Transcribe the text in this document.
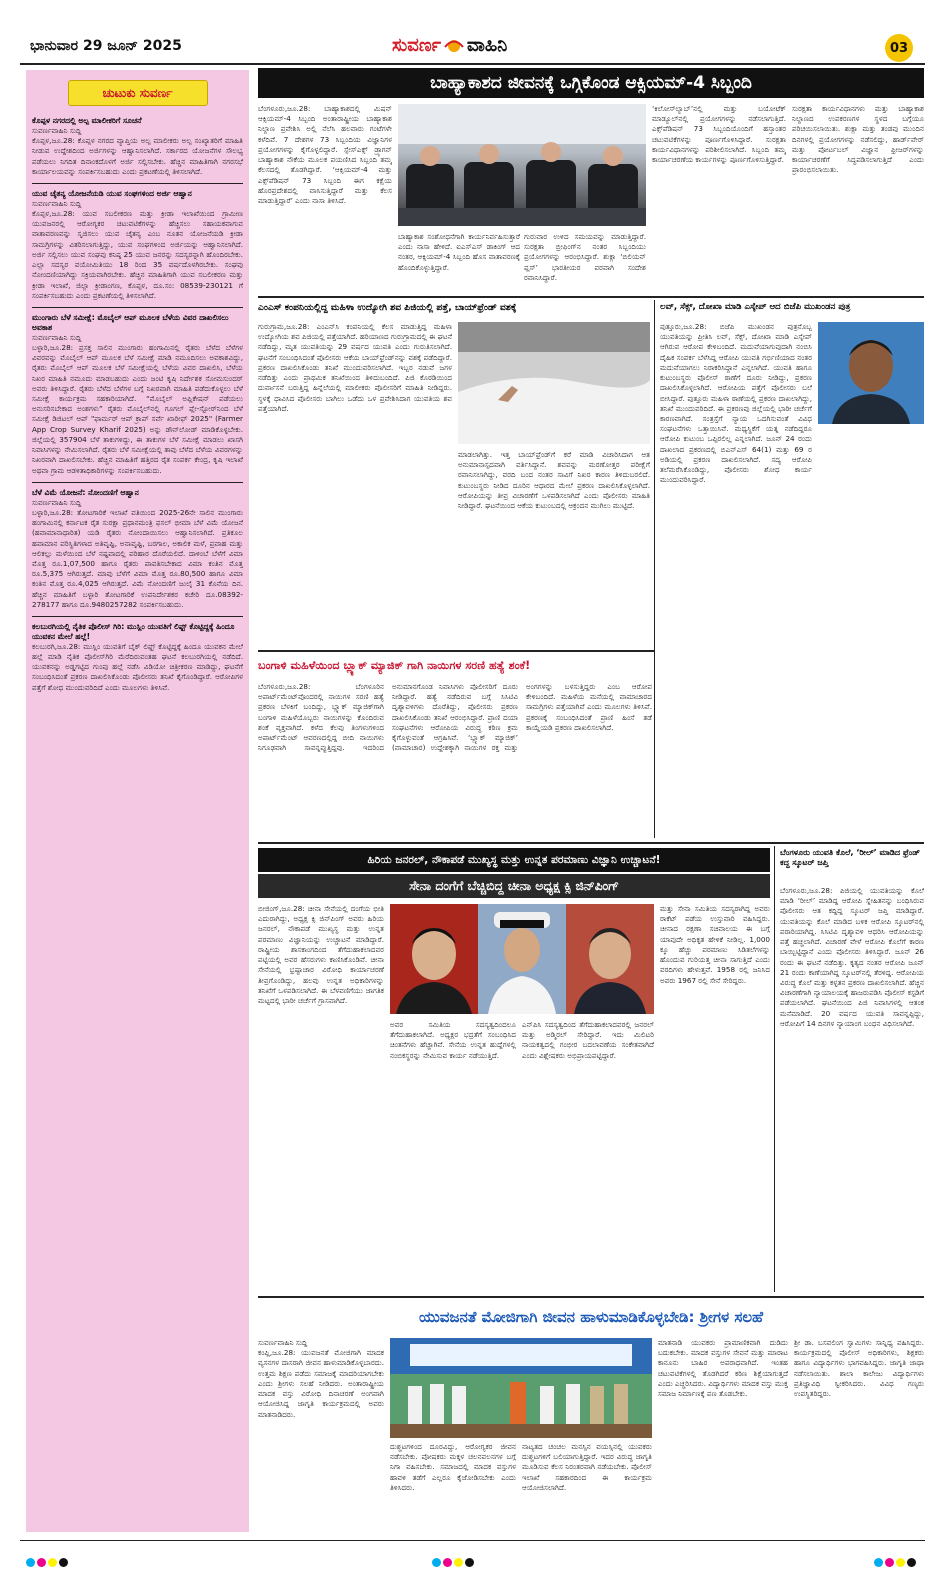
ಭಾನುವಾರ 29 ಜೂನ್ 2025	ಸುವರ್ಣ ವಾಹಿನಿ	03
ಚುಟುಕು ಸುವರ್ಣ
ಕೊಪ್ಪಳ ನಗರದಲ್ಲಿ ಅಲ್ಪ ಮಾಲೀಕರಿಗೆ ಸೂಚನೆ
ಸುವರ್ಣವಾಹಿನಿ ಸುದ್ದಿ
ಕೊಪ್ಪಳ,ಜೂ.28: ಕೊಪ್ಪಳ ನಗರದ ವ್ಯಾಪ್ತಿಯ ಅಲ್ಪ ಮಾಲೀಕರು ಅಲ್ಪ ಸಂಖ್ಯಾತರಿಗೆ ಮಾಹಿತಿ ನೀಡುವ ಉದ್ದೇಶದಿಂದ ಅರ್ಜಿಗಳನ್ನು ಆಹ್ವಾನಿಸಲಾಗಿದೆ. ಸರ್ಕಾರದ ಯೋಜನೆಗಳ ಸೌಲಭ್ಯ ಪಡೆಯಲು ನಿಗದಿತ ದಿನಾಂಕದೊಳಗೆ ಅರ್ಜಿ ಸಲ್ಲಿಸಬೇಕು. ಹೆಚ್ಚಿನ ಮಾಹಿತಿಗಾಗಿ ನಗರಸಭೆ ಕಾರ್ಯಾಲಯವನ್ನು ಸಂಪರ್ಕಿಸಬಹುದು ಎಂದು ಪ್ರಕಟಣೆಯಲ್ಲಿ ತಿಳಿಸಲಾಗಿದೆ.
ಯುವ ಚೈತನ್ಯ ಯೋಜನೆಯಡಿ ಯುವ ಸಂಘಗಳಿಂದ ಅರ್ಜಿ ಆಹ್ವಾನ
ಸುವರ್ಣವಾಹಿನಿ ಸುದ್ದಿ
ಕೊಪ್ಪಳ,ಜೂ.28: ಯುವ ಸಬಲೀಕರಣ ಮತ್ತು ಕ್ರೀಡಾ ಇಲಾಖೆಯಿಂದ ಗ್ರಾಮೀಣ ಯುವಜನರಲ್ಲಿ ಆರೋಗ್ಯಕರ ಚಟುವಟಿಕೆಗಳನ್ನು ಹೆಚ್ಚಿಸಲು ಸಹಾಯಕವಾಗುವ ವಾತಾವರಣವನ್ನು ಸೃಜಿಸಲು ಯುವ ಚೈತನ್ಯ ಎಂಬ ನೂತನ ಯೋಜನೆಯಡಿ ಕ್ರೀಡಾ ಸಾಮಗ್ರಿಗಳನ್ನು ವಿತರಿಸಲಾಗುತ್ತಿದ್ದು, ಯುವ ಸಂಘಗಳಿಂದ ಅರ್ಜಿಯನ್ನು ಆಹ್ವಾನಿಸಲಾಗಿದೆ. ಅರ್ಜಿ ಸಲ್ಲಿಸಲು ಯುವ ಸಂಘವು ಕನಿಷ್ಠ 25 ಯುವ ಜನರನ್ನು ಸದಸ್ಯರನ್ನಾಗಿ ಹೊಂದಿರಬೇಕು. ಎಲ್ಲಾ ಸದಸ್ಯರ ವಯೋಮಿತಿಯು 18 ರಿಂದ 35 ವರ್ಷದೊಳಗಿರಬೇಕು. ಸಂಘವು ನೋಂದಣಿಯಾಗಿದ್ದು ಸಕ್ರಿಯವಾಗಿರಬೇಕು. ಹೆಚ್ಚಿನ ಮಾಹಿತಿಗಾಗಿ ಯುವ ಸಬಲೀಕರಣ ಮತ್ತು ಕ್ರೀಡಾ ಇಲಾಖೆ, ಜಿಲ್ಲಾ ಕ್ರೀಡಾಂಗಣ, ಕೊಪ್ಪಳ, ದೂ.ಸಂ: 08539-230121 ಗೆ ಸಂಪರ್ಕಿಸಬಹುದು ಎಂದು ಪ್ರಕಟಣೆಯಲ್ಲಿ ತಿಳಿಸಲಾಗಿದೆ.
ಮುಂಗಾರು ಬೆಳೆ ಸಮೀಕ್ಷೆ: ಮೊಬೈಲ್ ಆಪ್ ಮೂಲಕ ಬೆಳೆಯ ವಿವರ ದಾಖಲಿಸಲು ಅವಕಾಶ
ಸುವರ್ಣವಾಹಿನಿ ಸುದ್ದಿ
ಬಳ್ಳಾರಿ,ಜೂ.28: ಪ್ರಸಕ್ತ ಸಾಲಿನ ಮುಂಗಾರು ಹಂಗಾಮಿನಲ್ಲಿ ರೈತರು ಬೆಳೆದ ಬೆಳೆಗಳ ವಿವರವನ್ನು ಮೊಬೈಲ್ ಆಪ್ ಮೂಲಕ ಬೆಳೆ ಸಮೀಕ್ಷೆ ಮಾಡಿ ನಮೂದಿಸಲು ಅವಕಾಶವಿದ್ದು, ರೈತರು ಮೊಬೈಲ್ ಆಪ್ ಮೂಲಕ ಬೆಳೆ ಸಮೀಕ್ಷೆಯಲ್ಲಿ ಬೆಳೆಯ ವಿವರ ದಾಖಲಿಸಿ, ಬೆಳೆಯ ನಿಖರ ಮಾಹಿತಿ ನಮೂದು ಮಾಡಬಹುದು ಎಂದು ಜಂಟಿ ಕೃಷಿ ನಿರ್ದೇಶಕ ಸೋಮಸುಂದರ್ ಅವರು ತಿಳಿಸಿದ್ದಾರೆ. ರೈತರು ಬೆಳೆದ ಬೆಳೆಗಳ ಬಗ್ಗೆ ನಿಖರವಾಗಿ ಮಾಹಿತಿ ಪಡೆದುಕೊಳ್ಳಲು ಬೆಳೆ ಸಮೀಕ್ಷೆ ಕಾರ್ಯಕ್ರಮ ಸಹಕಾರಿಯಾಗಿದೆ. “ಮೊಬೈಲ್ ಅಪ್ಲಿಕೇಷನ್ ಪಡೆಯಲು ಅನುಸರಿಸಬೇಕಾದ ಅಂಶಗಳು” ರೈತರು ಮೊಬೈಲ್‌ನಲ್ಲಿ ಗೂಗಲ್ ಪ್ಲೇ-ಸ್ಟೋರ್‌ನಿಂದ ಬೆಳೆ ಸಮೀಕ್ಷೆ ಡಿಜಿಟಲ್ ಆಪ್ "ಫಾರ್ಮರ್ ಆಪ್ ಕ್ರಾಪ್ ಸರ್ವೆ ಖಾರೀಫ್ 2025" (Farmer App Crop Survey Kharif 2025) ಅನ್ನು ಡೌನ್‌ಲೋಡ್ ಮಾಡಿಕೊಳ್ಳಬೇಕು. ಜಿಲ್ಲೆಯಲ್ಲಿ 357904 ಬೆಳೆ ತಾಕುಗಳಿದ್ದು, ಈ ತಾಕುಗಳ ಬೆಳೆ ಸಮೀಕ್ಷೆ ಮಾಡಲು ಖಾಸಗಿ ನಿವಾಸಿಗಳನ್ನು ನೇಮಿಸಲಾಗಿದೆ. ರೈತರು ಬೆಳೆ ಸಮೀಕ್ಷೆಯಲ್ಲಿ ತಾವು ಬೆಳೆದ ಬೆಳೆಯ ವಿವರಗಳನ್ನು ನಿಖರವಾಗಿ ದಾಖಲಿಸಬೇಕು. ಹೆಚ್ಚಿನ ಮಾಹಿತಿಗೆ ಹತ್ತಿರದ ರೈತ ಸಂಪರ್ಕ ಕೇಂದ್ರ, ಕೃಷಿ ಇಲಾಖೆ ಅಥವಾ ಗ್ರಾಮ ಆಡಳಿತಾಧಿಕಾರಿಗಳನ್ನು ಸಂಪರ್ಕಿಸಬಹುದು.
ಬೆಳೆ ವಿಮೆ ಯೋಜನೆ: ನೋಂದಣಿಗೆ ಆಹ್ವಾನ
ಸುವರ್ಣವಾಹಿನಿ ಸುದ್ದಿ
ಬಳ್ಳಾರಿ,ಜೂ.28: ತೋಟಗಾರಿಕೆ ಇಲಾಖೆ ವತಿಯಿಂದ 2025-26ನೇ ಸಾಲಿನ ಮುಂಗಾರು ಹಂಗಾಮಿನಲ್ಲಿ ಕರ್ನಾಟಕ ರೈತ ಸುರಕ್ಷಾ ಪ್ರಧಾನಮಂತ್ರಿ ಫಸಲ್ ಭೀಮಾ ಬೆಳೆ ವಿಮೆ ಯೋಜನೆ (ಹವಾಮಾನಾಧಾರಿತ) ಯಡಿ ರೈತರು ನೋಂದಾಯಿಸಲು ಆಹ್ವಾನಿಸಲಾಗಿದೆ. ಪ್ರತಿಕೂಲ ಹವಾಮಾನ ಪರಿಸ್ಥಿತಿಗಳಾದ ಅತಿವೃಷ್ಟಿ, ಅನಾವೃಷ್ಟಿ, ಬರಗಾಲ, ಅಕಾಲಿಕ ಮಳೆ, ಪ್ರವಾಹ ಮತ್ತು ಆಲಿಕಲ್ಲು ಮಳೆಯಿಂದ ಬೆಳೆ ನಷ್ಟವಾದಲ್ಲಿ ಪರಿಹಾರ ದೊರೆಯಲಿದೆ. ದಾಳಿಂಬೆ ಬೆಳೆಗೆ ವಿಮಾ ಮೊತ್ತ ರೂ.1,07,500 ಹಾಗೂ ರೈತರು ಪಾವತಿಸಬೇಕಾದ ವಿಮಾ ಕಂತಿನ ಮೊತ್ತ ರೂ.5,375 ಆಗಿರುತ್ತದೆ. ಮಾವು ಬೆಳೆಗೆ ವಿಮಾ ಮೊತ್ತ ರೂ.80,500 ಹಾಗೂ ವಿಮಾ ಕಂತಿನ ಮೊತ್ತ ರೂ.4,025 ಆಗಿರುತ್ತದೆ. ವಿಮೆ ನೋಂದಣಿಗೆ ಜುಲೈ 31 ಕೊನೆಯ ದಿನ. ಹೆಚ್ಚಿನ ಮಾಹಿತಿಗೆ ಬಳ್ಳಾರಿ ತೋಟಗಾರಿಕೆ ಉಪನಿರ್ದೇಶಕರ ಕಚೇರಿ ದೂ.08392-278177 ಹಾಗೂ ದೂ.9480257282 ಸಂಪರ್ಕಿಸಬಹುದು.
ಕಲಬುರಗಿಯಲ್ಲಿ ನೈತಿಕ ಪೊಲೀಸ್ ಗಿರಿ: ಮುಸ್ಲಿಂ ಯುವತಿಗೆ ಲಿಫ್ಟ್ ಕೊಟ್ಟಿದ್ದಕ್ಕೆ ಹಿಂದೂ ಯುವಕನ ಮೇಲೆ ಹಲ್ಲೆ!
ಕಲಬುರಗಿ,ಜೂ.28: ಮುಸ್ಲಿಂ ಯುವತಿಗೆ ಬೈಕ್ ಲಿಫ್ಟ್ ಕೊಟ್ಟಿದ್ದಕ್ಕೆ ಹಿಂದೂ ಯುವಕನ ಮೇಲೆ ಹಲ್ಲೆ ಮಾಡಿ ನೈತಿಕ ಪೊಲೀಸ್‌ಗಿರಿ ಮೆರೆದಿರುವಂತಹ ಘಟನೆ ಕಲಬುರಗಿಯಲ್ಲಿ ನಡೆದಿದೆ. ಯುವಕನನ್ನು ಅಡ್ಡಗಟ್ಟಿದ ಗುಂಪು ಹಲ್ಲೆ ನಡೆಸಿ ವಿಡಿಯೋ ಚಿತ್ರೀಕರಣ ಮಾಡಿದ್ದು, ಘಟನೆಗೆ ಸಂಬಂಧಿಸಿದಂತೆ ಪ್ರಕರಣ ದಾಖಲಿಸಿಕೊಂಡು ಪೊಲೀಸರು ತನಿಖೆ ಕೈಗೊಂಡಿದ್ದಾರೆ. ಆರೋಪಿಗಳ ಪತ್ತೆಗೆ ಶೋಧ ಮುಂದುವರಿದಿದೆ ಎಂದು ಮೂಲಗಳು ತಿಳಿಸಿವೆ.
ಬಾಹ್ಯಾಕಾಶದ ಜೀವನಕ್ಕೆ ಒಗ್ಗಿಕೊಂಡ ಆಕ್ಸಿಯಮ್-4 ಸಿಬ್ಬಂದಿ
ಬೆಂಗಳೂರು,ಜೂ.28: ಬಾಹ್ಯಾಕಾಶದಲ್ಲಿ ಮಿಷನ್ ಆಕ್ಸಿಯಮ್-4 ಸಿಬ್ಬಂದಿ ಅಂತಾರಾಷ್ಟ್ರೀಯ ಬಾಹ್ಯಾಕಾಶ ನಿಲ್ದಾಣ ಪ್ರವೇಶಿಸಿ ಅಲ್ಲಿ ನೆಲೆಸಿ ಹಲವಾರು ಗಂಟೆಗಳೇ ಕಳೆದಿವೆ. 7 ದೇಶಗಳ 73 ಸಿಬ್ಬಂದಿಯ ವಿಜ್ಞಾನಿಗಳ ಪ್ರಯೋಗಗಳನ್ನು ಕೈಗೊಳ್ಳಲಿದ್ದಾರೆ. ಸ್ಪೇಸ್‌ಎಕ್ಸ್ ಡ್ರ್ಯಾಗನ್ ಬಾಹ್ಯಾಕಾಶ ನೌಕೆಯ ಮೂಲಕ ಪಯಣಿಸಿದ ಸಿಬ್ಬಂದಿ ತಮ್ಮ ಕೆಲಸದಲ್ಲಿ ತೊಡಗಿದ್ದಾರೆ. ‘ಆಕ್ಸಿಯಮ್-4 ಮತ್ತು ಎಕ್ಸ್‌ಪೆಡಿಷನ್ 73 ಸಿಬ್ಬಂದಿ ಈಗ ಕಕ್ಷೆಯ ಹೊರಪ್ರದೇಶದಲ್ಲಿ ವಾಸಿಸುತ್ತಿದ್ದಾರೆ ಮತ್ತು ಕೆಲಸ ಮಾಡುತ್ತಿದ್ದಾರೆ’ ಎಂದು ನಾಸಾ ತಿಳಿಸಿದೆ.
ಬಾಹ್ಯಾಕಾಶ ಸಂಶೋಧನೆಗಾಗಿ ಕಾರ್ಯನಿರ್ವಹಿಸುತ್ತಾರೆ ಎಂದು ನಾಸಾ ಹೇಳಿದೆ. ಐಎಸ್‌ಎಸ್ ಡಾಕಿಂಗ್ ಆದ ನಂತರ, ಆಕ್ಸಿಯಮ್-4 ಸಿಬ್ಬಂದಿ ಹೊಸ ವಾತಾವರಣಕ್ಕೆ ಹೊಂದಿಕೊಳ್ಳುತ್ತಿದ್ದಾರೆ.
ಗುರುವಾರ ಉಳಿದ ಸಮಯವನ್ನು ಮಾಡುತ್ತಿದ್ದಾರೆ. ಸುರಕ್ಷತಾ ಬ್ರೀಫಿಂಗ್‌ನ ನಂತರ ಸಿಬ್ಬಂದಿಯು ಪ್ರಯೋಗಗಳನ್ನು ಆರಂಭಿಸಿದ್ದಾರೆ. ಶುಕ್ಲಾ ‘ಬಿಲಿಯನ್ ಪ್ಲಸ್’ ಭಾರತೀಯರ ಪರವಾಗಿ ಸಂದೇಶ ರವಾನಿಸಿದ್ದಾರೆ.
‘ಕಿಲೋಸ್‌ಲ್ಯಾಬ್’ನಲ್ಲಿ ಮತ್ತು ಬಯೋಟೆಕ್ ಮಾಡ್ಯೂಲ್‌ನಲ್ಲಿ ಪ್ರಯೋಗಗಳನ್ನು ನಡೆಸಲಾಗುತ್ತಿದೆ. ಎಕ್ಸ್‌ಪೆಡಿಷನ್ 73 ಸಿಬ್ಬಂದಿಯೊಂದಿಗೆ ಹಸ್ತಾಂತರ ಚಟುವಟಿಕೆಗಳನ್ನು ಪೂರ್ಣಗೊಳಿಸಿದ್ದಾರೆ. ಸುರಕ್ಷತಾ ಕಾರ್ಯವಿಧಾನಗಳನ್ನು ಪರಿಶೀಲಿಸಲಾಗಿದೆ. ಸಿಬ್ಬಂದಿ ತಮ್ಮ ಕಾರ್ಯಾಚರಣೆಯ ಕಾರ್ಯಗಳನ್ನು ಪೂರ್ಣಗೊಳಿಸುತ್ತಿದ್ದಾರೆ.
ಸುರಕ್ಷತಾ ಕಾರ್ಯವಿಧಾನಗಳು ಮತ್ತು ಬಾಹ್ಯಾಕಾಶ ನಿಲ್ದಾಣದ ಉಪಕರಣಗಳ ಸ್ಥಳದ ಬಗ್ಗೆಯೂ ಪರಿಚಯಿಸಲಾಯಿತು. ಶುಕ್ಲಾ ಮತ್ತು ತಂಡವು ಮುಂದಿನ ದಿನಗಳಲ್ಲಿ ಪ್ರಯೋಗಗಳನ್ನು ನಡೆಸಲಿದ್ದು, ಹಾರ್ಡ್‌ವೇರ್ ಮತ್ತು ಪೋರ್ಟಬಲ್ ವಿಜ್ಞಾನ ಫ್ರೀಜರ್‌ಗಳನ್ನು ಕಾರ್ಯಾಚರಣೆಗೆ ಸಿದ್ಧಪಡಿಸಲಾಗುತ್ತಿದೆ ಎಂದು ಪ್ರಾರಂಭಿಸಲಾಯಿತು.
ಎಂಎಸ್ ಕಂಪನಿಯಲ್ಲಿದ್ದ ಮಹಿಳಾ ಉದ್ಯೋಗಿ ಶವ ಪಿಜಿಯಲ್ಲಿ ಪತ್ತೆ, ಬಾಯ್‌ಫ್ರೆಂಡ್ ವಶಕ್ಕೆ
ಗುರುಗ್ರಾಮ,ಜೂ.28: ಎಂಎನ್‌ಸಿ ಕಂಪನಿಯಲ್ಲಿ ಕೆಲಸ ಮಾಡುತ್ತಿದ್ದ ಮಹಿಳಾ ಉದ್ಯೋಗಿಯ ಶವ ಪಿಜಿಯಲ್ಲಿ ಪತ್ತೆಯಾಗಿದೆ. ಹರಿಯಾಣದ ಗುರುಗ್ರಾಮದಲ್ಲಿ ಈ ಘಟನೆ ನಡೆದಿದ್ದು, ಮೃತ ಯುವತಿಯನ್ನು 29 ವರ್ಷದ ಯುವತಿ ಎಂದು ಗುರುತಿಸಲಾಗಿದೆ. ಘಟನೆಗೆ ಸಂಬಂಧಿಸಿದಂತೆ ಪೊಲೀಸರು ಆಕೆಯ ಬಾಯ್‌ಫ್ರೆಂಡ್‌ನನ್ನು ವಶಕ್ಕೆ ಪಡೆದಿದ್ದಾರೆ. ಪ್ರಕರಣ ದಾಖಲಿಸಿಕೊಂಡು ತನಿಖೆ ಮುಂದುವರಿಸಲಾಗಿದೆ. ಇಬ್ಬರ ನಡುವೆ ಜಗಳ ನಡೆದಿತ್ತು ಎಂದು ಪ್ರಾಥಮಿಕ ತನಿಖೆಯಿಂದ ತಿಳಿದುಬಂದಿದೆ. ಪಿಜಿ ಕೊಠಡಿಯಿಂದ ದುರ್ವಾಸನೆ ಬರುತ್ತಿದ್ದ ಹಿನ್ನೆಲೆಯಲ್ಲಿ ಮಾಲೀಕರು ಪೊಲೀಸರಿಗೆ ಮಾಹಿತಿ ನೀಡಿದ್ದರು. ಸ್ಥಳಕ್ಕೆ ಧಾವಿಸಿದ ಪೊಲೀಸರು ಬಾಗಿಲು ಒಡೆದು ಒಳ ಪ್ರವೇಶಿಸಿದಾಗ ಯುವತಿಯ ಶವ ಪತ್ತೆಯಾಗಿದೆ.
ಮಾಡಲಾಗಿತ್ತು. ಇತ್ತ ಬಾಯ್‌ಫ್ರೆಂಡ್‌ಗೆ ಕರೆ ಮಾಡಿ ವಿಚಾರಿಸಿದಾಗ ಆತ ಅನುಮಾನಾಸ್ಪದವಾಗಿ ವರ್ತಿಸಿದ್ದಾನೆ. ಶವವನ್ನು ಮರಣೋತ್ತರ ಪರೀಕ್ಷೆಗೆ ರವಾನಿಸಲಾಗಿದ್ದು, ವರದಿ ಬಂದ ನಂತರ ಸಾವಿಗೆ ನಿಖರ ಕಾರಣ ತಿಳಿದುಬರಲಿದೆ. ಕುಟುಂಬಸ್ಥರು ನೀಡಿದ ದೂರಿನ ಆಧಾರದ ಮೇಲೆ ಪ್ರಕರಣ ದಾಖಲಿಸಿಕೊಳ್ಳಲಾಗಿದೆ. ಆರೋಪಿಯನ್ನು ತೀವ್ರ ವಿಚಾರಣೆಗೆ ಒಳಪಡಿಸಲಾಗಿದೆ ಎಂದು ಪೊಲೀಸರು ಮಾಹಿತಿ ನೀಡಿದ್ದಾರೆ. ಘಟನೆಯಿಂದ ಆಕೆಯ ಕುಟುಂಬದಲ್ಲಿ ಆಕ್ರಂದನ ಮುಗಿಲು ಮುಟ್ಟಿದೆ.
ಲವ್, ಸೆಕ್ಸ್, ದೋಖಾ ಮಾಡಿ ಎಸ್ಕೇಪ್ ಆದ ಬಿಜೆಪಿ ಮುಖಂಡನ ಪುತ್ರ
ಪುತ್ತೂರು,ಜೂ.28: ಬಿಜೆಪಿ ಮುಖಂಡನ ಪುತ್ರನೊಬ್ಬ ಯುವತಿಯನ್ನು ಪ್ರೀತಿಸಿ ಲವ್, ಸೆಕ್ಸ್, ದೋಖಾ ಮಾಡಿ ಎಸ್ಕೇಪ್ ಆಗಿರುವ ಆರೋಪ ಕೇಳಿಬಂದಿದೆ. ಮದುವೆಯಾಗುವುದಾಗಿ ನಂಬಿಸಿ ದೈಹಿಕ ಸಂಪರ್ಕ ಬೆಳೆಸಿದ್ದ ಆರೋಪಿ ಯುವತಿ ಗರ್ಭಿಣಿಯಾದ ನಂತರ ಮದುವೆಯಾಗಲು ನಿರಾಕರಿಸಿದ್ದಾನೆ ಎನ್ನಲಾಗಿದೆ. ಯುವತಿ ಹಾಗೂ ಕುಟುಂಬಸ್ಥರು ಪೊಲೀಸ್ ಠಾಣೆಗೆ ದೂರು ನೀಡಿದ್ದು, ಪ್ರಕರಣ ದಾಖಲಿಸಿಕೊಳ್ಳಲಾಗಿದೆ. ಆರೋಪಿಯ ಪತ್ತೆಗೆ ಪೊಲೀಸರು ಬಲೆ ಬೀಸಿದ್ದಾರೆ. ಪುತ್ತೂರು ಮಹಿಳಾ ಠಾಣೆಯಲ್ಲಿ ಪ್ರಕರಣ ದಾಖಲಾಗಿದ್ದು, ತನಿಖೆ ಮುಂದುವರಿದಿದೆ. ಈ ಪ್ರಕರಣವು ಜಿಲ್ಲೆಯಲ್ಲಿ ಭಾರೀ ಚರ್ಚೆಗೆ ಕಾರಣವಾಗಿದೆ. ಸಂತ್ರಸ್ತೆಗೆ ನ್ಯಾಯ ಒದಗಿಸುವಂತೆ ವಿವಿಧ ಸಂಘಟನೆಗಳು ಒತ್ತಾಯಿಸಿವೆ. ಮಧ್ಯಸ್ಥಿಕೆಗೆ ಯತ್ನ ನಡೆದಿದ್ದರೂ ಆರೋಪಿ ಕುಟುಂಬ ಒಪ್ಪಿರಲಿಲ್ಲ ಎನ್ನಲಾಗಿದೆ. ಜೂನ್ 24 ರಂದು ದಾಖಲಾದ ಪ್ರಕರಣದಲ್ಲಿ ಬಿಎನ್‌ಎಸ್ 64(1) ಮತ್ತು 69 ರ ಅಡಿಯಲ್ಲಿ ಪ್ರಕರಣ ದಾಖಲಿಸಲಾಗಿದೆ. ಸದ್ಯ ಆರೋಪಿ ತಲೆಮರೆಸಿಕೊಂಡಿದ್ದು, ಪೊಲೀಸರು ಶೋಧ ಕಾರ್ಯ ಮುಂದುವರಿಸಿದ್ದಾರೆ.
ಬಂಗಾಳಿ ಮಹಿಳೆಯಿಂದ ಬ್ಲ್ಯಾಕ್ ಮ್ಯಾಜಿಕ್ ಗಾಗಿ ನಾಯಿಗಳ ಸರಣಿ ಹತ್ಯೆ ಶಂಕೆ!
ಬೆಂಗಳೂರು,ಜೂ.28: ಬೆಂಗಳೂರಿನ ಅಪಾರ್ಟ್‌ಮೆಂಟ್‌ವೊಂದರಲ್ಲಿ ನಾಯಿಗಳ ಸರಣಿ ಹತ್ಯೆ ಪ್ರಕರಣ ಬೆಳಕಿಗೆ ಬಂದಿದ್ದು, ಬ್ಲ್ಯಾಕ್ ಮ್ಯಾಜಿಕ್‌ಗಾಗಿ ಬಂಗಾಳಿ ಮಹಿಳೆಯೊಬ್ಬರು ನಾಯಿಗಳನ್ನು ಕೊಂದಿರುವ ಶಂಕೆ ವ್ಯಕ್ತವಾಗಿದೆ. ಕಳೆದ ಕೆಲವು ತಿಂಗಳುಗಳಿಂದ ಅಪಾರ್ಟ್‌ಮೆಂಟ್ ಆವರಣದಲ್ಲಿದ್ದ ಬೀದಿ ನಾಯಿಗಳು ನಿಗೂಢವಾಗಿ ಸಾವನ್ನಪ್ಪುತ್ತಿದ್ದವು. ಇದರಿಂದ ಅನುಮಾನಗೊಂಡ ನಿವಾಸಿಗಳು ಪೊಲೀಸರಿಗೆ ದೂರು ನೀಡಿದ್ದಾರೆ. ಹತ್ಯೆ ನಡೆದಿರುವ ಬಗ್ಗೆ ಸಿಸಿಟಿವಿ ದೃಶ್ಯಾವಳಿಗಳು ದೊರೆತಿದ್ದು, ಪೊಲೀಸರು ಪ್ರಕರಣ ದಾಖಲಿಸಿಕೊಂಡು ತನಿಖೆ ಆರಂಭಿಸಿದ್ದಾರೆ. ಪ್ರಾಣಿ ದಯಾ ಸಂಘಟನೆಗಳು ಆರೋಪಿಯ ವಿರುದ್ಧ ಕಠಿಣ ಕ್ರಮ ಕೈಗೊಳ್ಳುವಂತೆ ಆಗ್ರಹಿಸಿವೆ. ‘ಬ್ಲ್ಯಾಕ್ ಮ್ಯಾಜಿಕ್’ (ವಾಮಾಚಾರ) ಉದ್ದೇಶಕ್ಕಾಗಿ ನಾಯಿಗಳ ರಕ್ತ ಮತ್ತು ಅಂಗಗಳನ್ನು ಬಳಸುತ್ತಿದ್ದರು ಎಂಬ ಆರೋಪ ಕೇಳಿಬಂದಿದೆ. ಮಹಿಳೆಯ ಮನೆಯಲ್ಲಿ ವಾಮಾಚಾರದ ಸಾಮಗ್ರಿಗಳು ಪತ್ತೆಯಾಗಿವೆ ಎಂದು ಮೂಲಗಳು ತಿಳಿಸಿವೆ. ಪ್ರಕರಣಕ್ಕೆ ಸಂಬಂಧಿಸಿದಂತೆ ಪ್ರಾಣಿ ಹಿಂಸೆ ತಡೆ ಕಾಯ್ದೆಯಡಿ ಪ್ರಕರಣ ದಾಖಲಿಸಲಾಗಿದೆ.
ಹಿರಿಯ ಜನರಲ್, ನೌಕಾಪಡೆ ಮುಖ್ಯಸ್ಥ ಮತ್ತು ಉನ್ನತ ಪರಮಾಣು ವಿಜ್ಞಾನಿ ಉಚ್ಚಾಟನೆ!
ಸೇನಾ ದಂಗೆಗೆ ಬೆಚ್ಚಿಬಿದ್ದ ಚೀನಾ ಅಧ್ಯಕ್ಷ ಕ್ಸಿ ಜಿನ್‌ಪಿಂಗ್
ಬೀಜಿಂಗ್,ಜೂ.28: ಚೀನಾ ಸೇನೆಯಲ್ಲಿ ದಂಗೆಯ ಭೀತಿ ಎದುರಾಗಿದ್ದು, ಅಧ್ಯಕ್ಷ ಕ್ಸಿ ಜಿನ್‌ಪಿಂಗ್ ಅವರು ಹಿರಿಯ ಜನರಲ್, ನೌಕಾಪಡೆ ಮುಖ್ಯಸ್ಥ ಮತ್ತು ಉನ್ನತ ಪರಮಾಣು ವಿಜ್ಞಾನಿಯನ್ನು ಉಚ್ಚಾಟನೆ ಮಾಡಿದ್ದಾರೆ. ರಾಷ್ಟ್ರೀಯ ಶಾಸಕಾಂಗದಿಂದ ತೆಗೆದುಹಾಕಲಾದವರ ಪಟ್ಟಿಯಲ್ಲಿ ಅವರ ಹೆಸರುಗಳು ಕಾಣಿಸಿಕೊಂಡಿವೆ. ಚೀನಾ ಸೇನೆಯಲ್ಲಿ ಭ್ರಷ್ಟಾಚಾರ ವಿರೋಧಿ ಕಾರ್ಯಾಚರಣೆ ತೀವ್ರಗೊಂಡಿದ್ದು, ಹಲವು ಉನ್ನತ ಅಧಿಕಾರಿಗಳನ್ನು ತನಿಖೆಗೆ ಒಳಪಡಿಸಲಾಗಿದೆ. ಈ ಬೆಳವಣಿಗೆಯು ಜಾಗತಿಕ ಮಟ್ಟದಲ್ಲಿ ಭಾರೀ ಚರ್ಚೆಗೆ ಗ್ರಾಸವಾಗಿದೆ.
ಅವರ ಸಮಿತಿಯ ಸದಸ್ಯತ್ವದಿಂದಲೂ ತೆಗೆದುಹಾಕಲಾಗಿದೆ. ಅಧ್ಯಕ್ಷರ ಭದ್ರತೆಗೆ ಸಂಬಂಧಿಸಿದ ಚಿಂತನೆಗಳು ಹೆಚ್ಚಾಗಿವೆ. ಸೇನೆಯ ಉನ್ನತ ಹುದ್ದೆಗಳಲ್ಲಿ ನಂಬಿಕಸ್ಥರನ್ನು ನೇಮಿಸುವ ಕಾರ್ಯ ನಡೆಯುತ್ತಿದೆ.
ಎನ್‌ಪಿಸಿ ಸದಸ್ಯತ್ವದಿಂದ ತೆಗೆದುಹಾಕಲಾದವರಲ್ಲಿ ಜನರಲ್ ಮತ್ತು ಅಡ್ಮಿರಲ್ ಸೇರಿದ್ದಾರೆ. ಇದು ಮಿಲಿಟರಿ ನಾಯಕತ್ವದಲ್ಲಿ ಗಂಭೀರ ಬದಲಾವಣೆಯ ಸಂಕೇತವಾಗಿದೆ ಎಂದು ವಿಶ್ಲೇಷಕರು ಅಭಿಪ್ರಾಯಪಟ್ಟಿದ್ದಾರೆ.
ಮತ್ತು ಸೇನಾ ಸಮಿತಿಯ ಸದಸ್ಯರಾಗಿದ್ದ ಅವರು ರಾಕೆಟ್ ಪಡೆಯ ಉಸ್ತುವಾರಿ ವಹಿಸಿದ್ದರು. ಚೀನಾದ ರಕ್ಷಣಾ ಸಚಿವಾಲಯ ಈ ಬಗ್ಗೆ ಯಾವುದೇ ಅಧಿಕೃತ ಹೇಳಿಕೆ ನೀಡಿಲ್ಲ. 1,000 ಕ್ಕೂ ಹೆಚ್ಚು ಪರಮಾಣು ಸಿಡಿತಲೆಗಳನ್ನು ಹೊಂದುವ ಗುರಿಯತ್ತ ಚೀನಾ ಸಾಗುತ್ತಿದೆ ಎಂದು ವರದಿಗಳು ಹೇಳುತ್ತವೆ. 1958 ರಲ್ಲಿ ಜನಿಸಿದ ಅವರು 1967 ರಲ್ಲಿ ಸೇನೆ ಸೇರಿದ್ದರು.
ಬೆಂಗಳೂರು ಯುವತಿ ಕೊಲೆ, ‘ರೀಲ್’ ಮಾಡಿದ ಫ್ರೆಂಡ್ ಕದ್ದ ಸ್ಕೂಟರ್ ಜಪ್ತಿ
ಬೆಂಗಳೂರು,ಜೂ.28: ಪಿಜಿಯಲ್ಲಿ ಯುವತಿಯನ್ನು ಕೊಲೆ ಮಾಡಿ ‘ರೀಲ್’ ಮಾಡಿದ್ದ ಆರೋಪಿ ಸ್ನೇಹಿತನನ್ನು ಬಂಧಿಸಿರುವ ಪೊಲೀಸರು ಆತ ಕದ್ದಿದ್ದ ಸ್ಕೂಟರ್ ಜಪ್ತಿ ಮಾಡಿದ್ದಾರೆ. ಯುವತಿಯನ್ನು ಕೊಲೆ ಮಾಡಿದ ಬಳಿಕ ಆರೋಪಿ ಸ್ಕೂಟರ್‌ನಲ್ಲಿ ಪರಾರಿಯಾಗಿದ್ದ. ಸಿಸಿಟಿವಿ ದೃಶ್ಯಾವಳಿ ಆಧರಿಸಿ ಆರೋಪಿಯನ್ನು ಪತ್ತೆ ಹಚ್ಚಲಾಗಿದೆ. ವಿಚಾರಣೆ ವೇಳೆ ಆರೋಪಿ ಕೊಲೆಗೆ ಕಾರಣ ಬಾಯ್ಬಿಟ್ಟಿದ್ದಾನೆ ಎಂದು ಪೊಲೀಸರು ತಿಳಿಸಿದ್ದಾರೆ. ಜೂನ್ 26 ರಂದು ಈ ಘಟನೆ ನಡೆದಿತ್ತು. ಕೃತ್ಯದ ನಂತರ ಆರೋಪಿ ಜೂನ್ 21 ರಂದು ಕಾಣೆಯಾಗಿದ್ದ ಸ್ಕೂಟರ್‌ನಲ್ಲಿ ತೆರಳಿದ್ದ. ಆರೋಪಿಯ ವಿರುದ್ಧ ಕೊಲೆ ಮತ್ತು ಕಳ್ಳತನ ಪ್ರಕರಣ ದಾಖಲಿಸಲಾಗಿದೆ. ಹೆಚ್ಚಿನ ವಿಚಾರಣೆಗಾಗಿ ನ್ಯಾಯಾಲಯಕ್ಕೆ ಹಾಜರುಪಡಿಸಿ ಪೊಲೀಸ್ ಕಸ್ಟಡಿಗೆ ಪಡೆಯಲಾಗಿದೆ. ಘಟನೆಯಿಂದ ಪಿಜಿ ನಿವಾಸಿಗಳಲ್ಲಿ ಆತಂಕ ಮನೆಮಾಡಿದೆ. 20 ವರ್ಷದ ಯುವತಿ ಸಾವನ್ನಪ್ಪಿದ್ದು, ಆರೋಪಿಗೆ 14 ದಿನಗಳ ನ್ಯಾಯಾಂಗ ಬಂಧನ ವಿಧಿಸಲಾಗಿದೆ.
ಯುವಜನತೆ ಮೋಜಿಗಾಗಿ ಜೀವನ ಹಾಳುಮಾಡಿಕೊಳ್ಳಬೇಡಿ: ಶ್ರೀಗಳ ಸಲಹೆ
ಸುವರ್ಣವಾಹಿನಿ ಸುದ್ದಿ
ಕಂಪ್ಲಿ,ಜೂ.28: ಯುವಜನತೆ ಮೋಜಿಗಾಗಿ ಮಾದಕ ವ್ಯಸನಗಳ ದಾಸರಾಗಿ ಜೀವನ ಹಾಳುಮಾಡಿಕೊಳ್ಳಬಾರದು. ಉತ್ತಮ ಶಿಕ್ಷಣ ಪಡೆದು ಸಮಾಜಕ್ಕೆ ಮಾದರಿಯಾಗಬೇಕು ಎಂದು ಶ್ರೀಗಳು ಸಲಹೆ ನೀಡಿದರು. ಅಂತಾರಾಷ್ಟ್ರೀಯ ಮಾದಕ ವಸ್ತು ವಿರೋಧಿ ದಿನಾಚರಣೆ ಅಂಗವಾಗಿ ಆಯೋಜಿಸಿದ್ದ ಜಾಗೃತಿ ಕಾರ್ಯಕ್ರಮದಲ್ಲಿ ಅವರು ಮಾತನಾಡಿದರು.
ದುಶ್ಚಟಗಳಿಂದ ದೂರವಿದ್ದು, ಆರೋಗ್ಯಕರ ಜೀವನ ನಡೆಸಬೇಕು. ಪೋಷಕರು ಮಕ್ಕಳ ಚಲನವಲನಗಳ ಬಗ್ಗೆ ನಿಗಾ ವಹಿಸಬೇಕು. ಸಮಾಜದಲ್ಲಿ ಮಾದಕ ವಸ್ತುಗಳ ಹಾವಳಿ ತಡೆಗೆ ಎಲ್ಲರೂ ಕೈಜೋಡಿಸಬೇಕು ಎಂದು ತಿಳಿಸಿದರು.
ನಾಟ್ಯತದ ಚಂಚಲ ಮನಸ್ಸಿನ ವಯಸ್ಸಿನಲ್ಲಿ ಯುವಕರು ದುಶ್ಚಟಗಳಿಗೆ ಬಲಿಯಾಗುತ್ತಿದ್ದಾರೆ. ಇದರ ವಿರುದ್ಧ ಜಾಗೃತಿ ಮೂಡಿಸುವ ಕೆಲಸ ನಿರಂತರವಾಗಿ ನಡೆಯಬೇಕು. ಪೊಲೀಸ್ ಇಲಾಖೆ ಸಹಕಾರದಿಂದ ಈ ಕಾರ್ಯಕ್ರಮ ಆಯೋಜಿಸಲಾಗಿದೆ.
ಮಾತನಾಡಿ ಯುವಕರು ಪ್ರಾಮಾಣಿಕವಾಗಿ ದುಡಿದು ಬದುಕಬೇಕು. ಮಾದಕ ವಸ್ತುಗಳ ಸೇವನೆ ಮತ್ತು ಮಾರಾಟ ಕಾನೂನು ಬಾಹಿರ ಅಪರಾಧವಾಗಿದೆ. ಇಂತಹ ಚಟುವಟಿಕೆಗಳಲ್ಲಿ ತೊಡಗಿದರೆ ಕಠಿಣ ಶಿಕ್ಷೆಯಾಗುತ್ತದೆ ಎಂದು ಎಚ್ಚರಿಸಿದರು. ವಿದ್ಯಾರ್ಥಿಗಳು ಮಾದಕ ವಸ್ತು ಮುಕ್ತ ಸಮಾಜ ನಿರ್ಮಾಣಕ್ಕೆ ಪಣ ತೊಡಬೇಕು.
ಶ್ರೀ ಡಾ. ಬಸವಲಿಂಗ ಸ್ವಾಮಿಗಳು ಸಾನ್ನಿಧ್ಯ ವಹಿಸಿದ್ದರು. ಕಾರ್ಯಕ್ರಮದಲ್ಲಿ ಪೊಲೀಸ್ ಅಧಿಕಾರಿಗಳು, ಶಿಕ್ಷಕರು ಹಾಗೂ ವಿದ್ಯಾರ್ಥಿಗಳು ಭಾಗವಹಿಸಿದ್ದರು. ಜಾಗೃತಿ ಜಾಥಾ ನಡೆಸಲಾಯಿತು. ಶಾಲಾ ಕಾಲೇಜು ವಿದ್ಯಾರ್ಥಿಗಳು ಪ್ರತಿಜ್ಞಾವಿಧಿ ಸ್ವೀಕರಿಸಿದರು. ವಿವಿಧ ಗಣ್ಯರು ಉಪಸ್ಥಿತರಿದ್ದರು.
